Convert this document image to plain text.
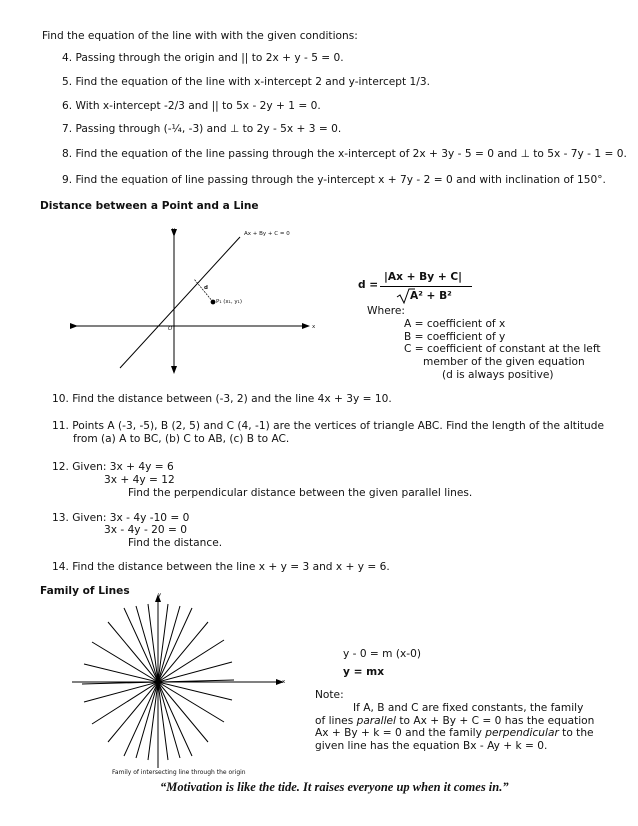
Find the equation of the line with with the given conditions:
4. Passing through the origin and || to 2x + y - 5 = 0.
5. Find the equation of the line with x-intercept 2 and y-intercept 1/3.
6. With x-intercept -2/3 and || to 5x - 2y + 1 = 0.
7. Passing through (-¼, -3) and ⊥ to 2y - 5x + 3 = 0.
8. Find the equation of the line passing through the x-intercept of 2x + 3y - 5 = 0 and ⊥ to 5x - 7y - 1 = 0.
9. Find the equation of line passing through the y-intercept x + 7y - 2 = 0 and with inclination of 150°.
Distance between a Point and a Line
y
Ax + By + C = 0
d
P₁ (x₁, y₁)
O	x
d =
|Ax + By + C|
A² + B²
Where:
A = coefficient of x
B = coefficient of y
C = coefficient of constant at the left
member of the given equation
(d is always positive)
10. Find the distance between (-3, 2) and the line 4x + 3y = 10.
11. Points A (-3, -5), B (2, 5) and C (4, -1) are the vertices of triangle ABC. Find the length of the altitude
from (a) A to BC, (b) C to AB, (c) B to AC.
12. Given: 3x + 4y = 6
3x + 4y = 12
Find the perpendicular distance between the given parallel lines.
13. Given: 3x - 4y -10 = 0
3x - 4y - 20 = 0
Find the distance.
14. Find the distance between the line x + y = 3 and x + y = 6.
Family of Lines	y
x
Family of intersecting line through the origin
y - 0 = m (x-0)
y = mx
Note:
If A, B and C are fixed constants, the family
of lines parallel to Ax + By + C = 0 has the equation
Ax + By + k = 0 and the family perpendicular to the
given line has the equation Bx - Ay + k = 0.
“Motivation is like the tide. It raises everyone up when it comes in.”
